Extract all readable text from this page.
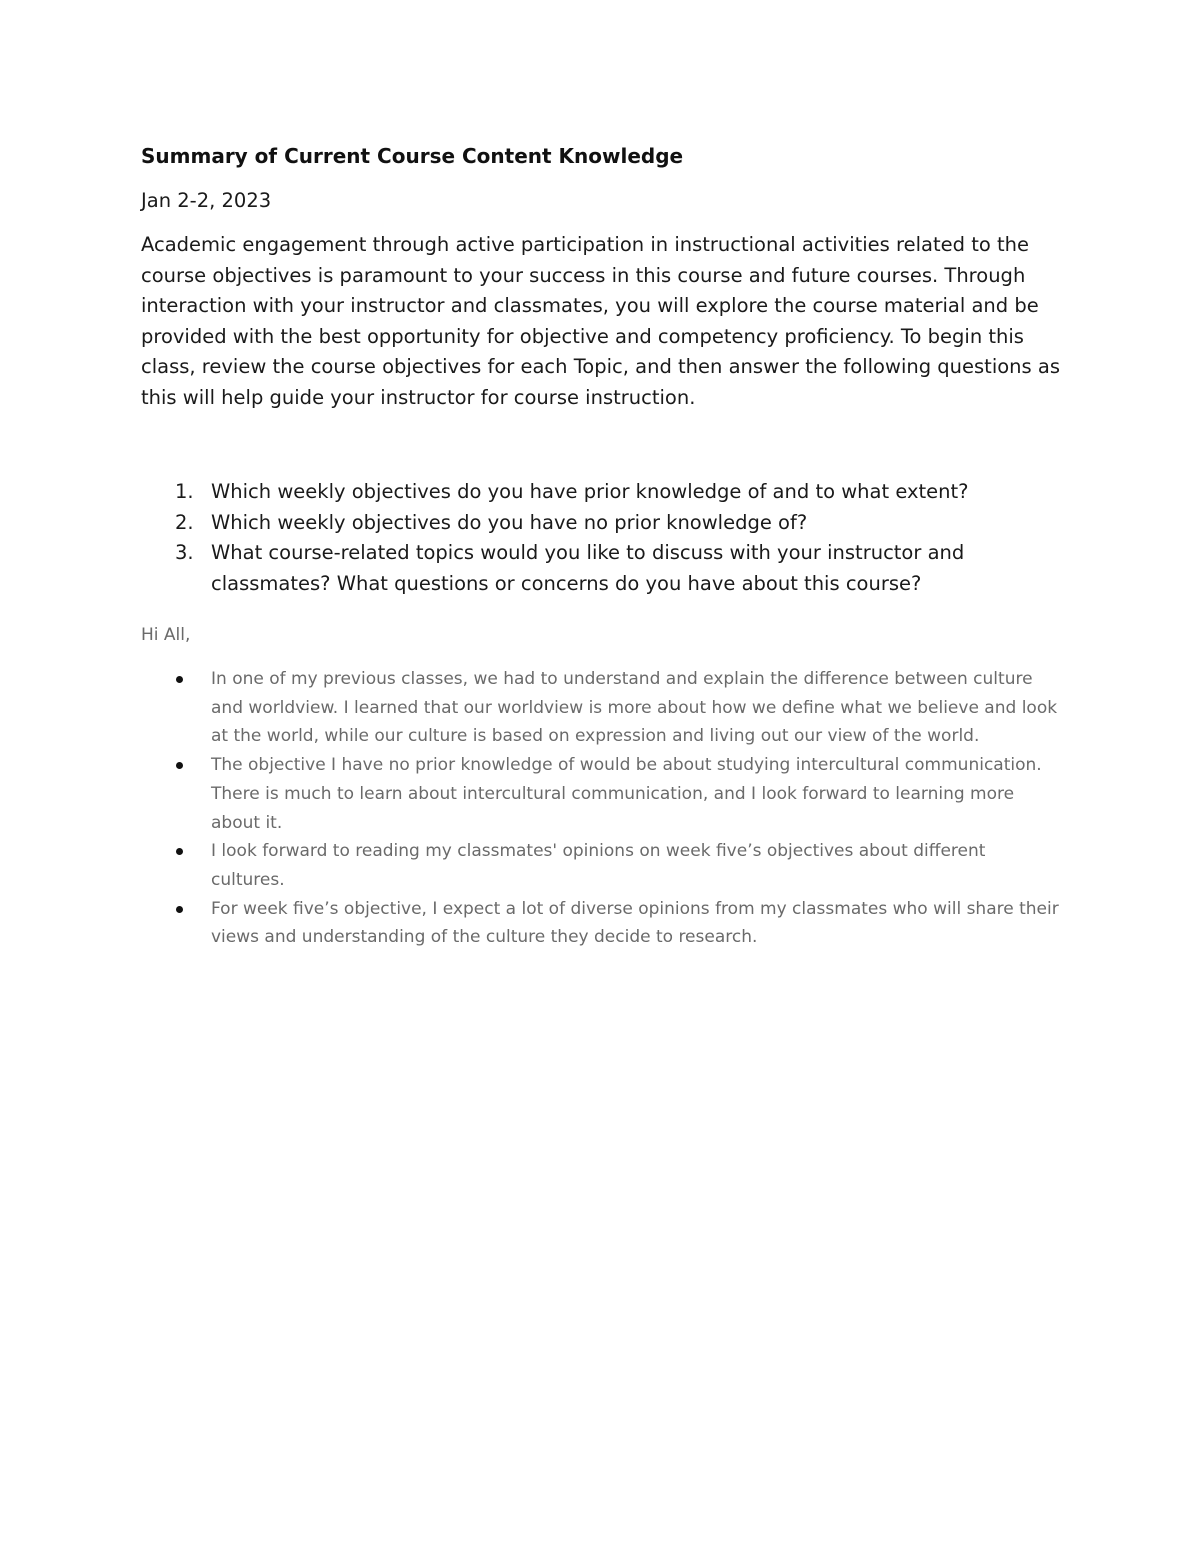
Summary of Current Course Content Knowledge

Jan 2-2, 2023

Academic engagement through active participation in instructional activities related to the course objectives is paramount to your success in this course and future courses. Through interaction with your instructor and classmates, you will explore the course material and be provided with the best opportunity for objective and competency proficiency. To begin this class, review the course objectives for each Topic, and then answer the following questions as this will help guide your instructor for course instruction.

1. Which weekly objectives do you have prior knowledge of and to what extent?
2. Which weekly objectives do you have no prior knowledge of?
3. What course-related topics would you like to discuss with your instructor and classmates? What questions or concerns do you have about this course?

Hi All,

In one of my previous classes, we had to understand and explain the difference between culture and worldview. I learned that our worldview is more about how we define what we believe and look at the world, while our culture is based on expression and living out our view of the world.
The objective I have no prior knowledge of would be about studying intercultural communication. There is much to learn about intercultural communication, and I look forward to learning more about it.
I look forward to reading my classmates' opinions on week five’s objectives about different cultures.
For week five’s objective, I expect a lot of diverse opinions from my classmates who will share their views and understanding of the culture they decide to research.
